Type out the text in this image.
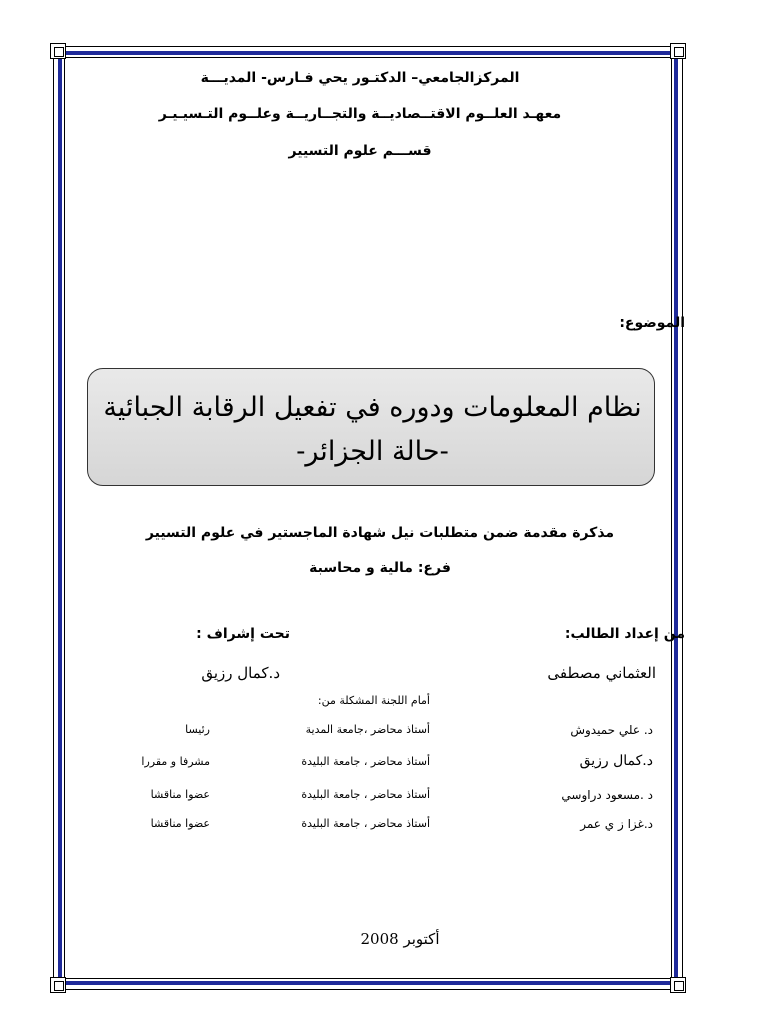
المركزالجامعي– الدكتـور يحي فـارس- المديـــة
معهـد العلــوم الاقتــصاديــة والتجــاريــة وعلــوم التـسيـيـر
قســـم علوم التسيير
الموضوع:
نظام المعلومات ودوره في تفعيل الرقابة الجبائية
-حالة الجزائر-
مذكرة مقدمة ضمن متطلبات نيل شهادة الماجستير في علوم التسيير
فرع: مالية و محاسبة
من إعداد الطالب:
تحت إشراف :
العثماني مصطفى
د.كمال رزيق
أمام اللجنة المشكلة من:
د. علي حميدوش
أستاذ محاضر ،جامعة المدية
رئيسا
د.كمال رزيق
أستاذ محاضر ، جامعة البليدة
مشرفا و مقررا
د .مسعود دراوسي
أستاذ محاضر ، جامعة البليدة
عضوا مناقشا
د.غزا ز ي عمر
أستاذ محاضر ، جامعة البليدة
عضوا مناقشا
أكتوبر 2008
